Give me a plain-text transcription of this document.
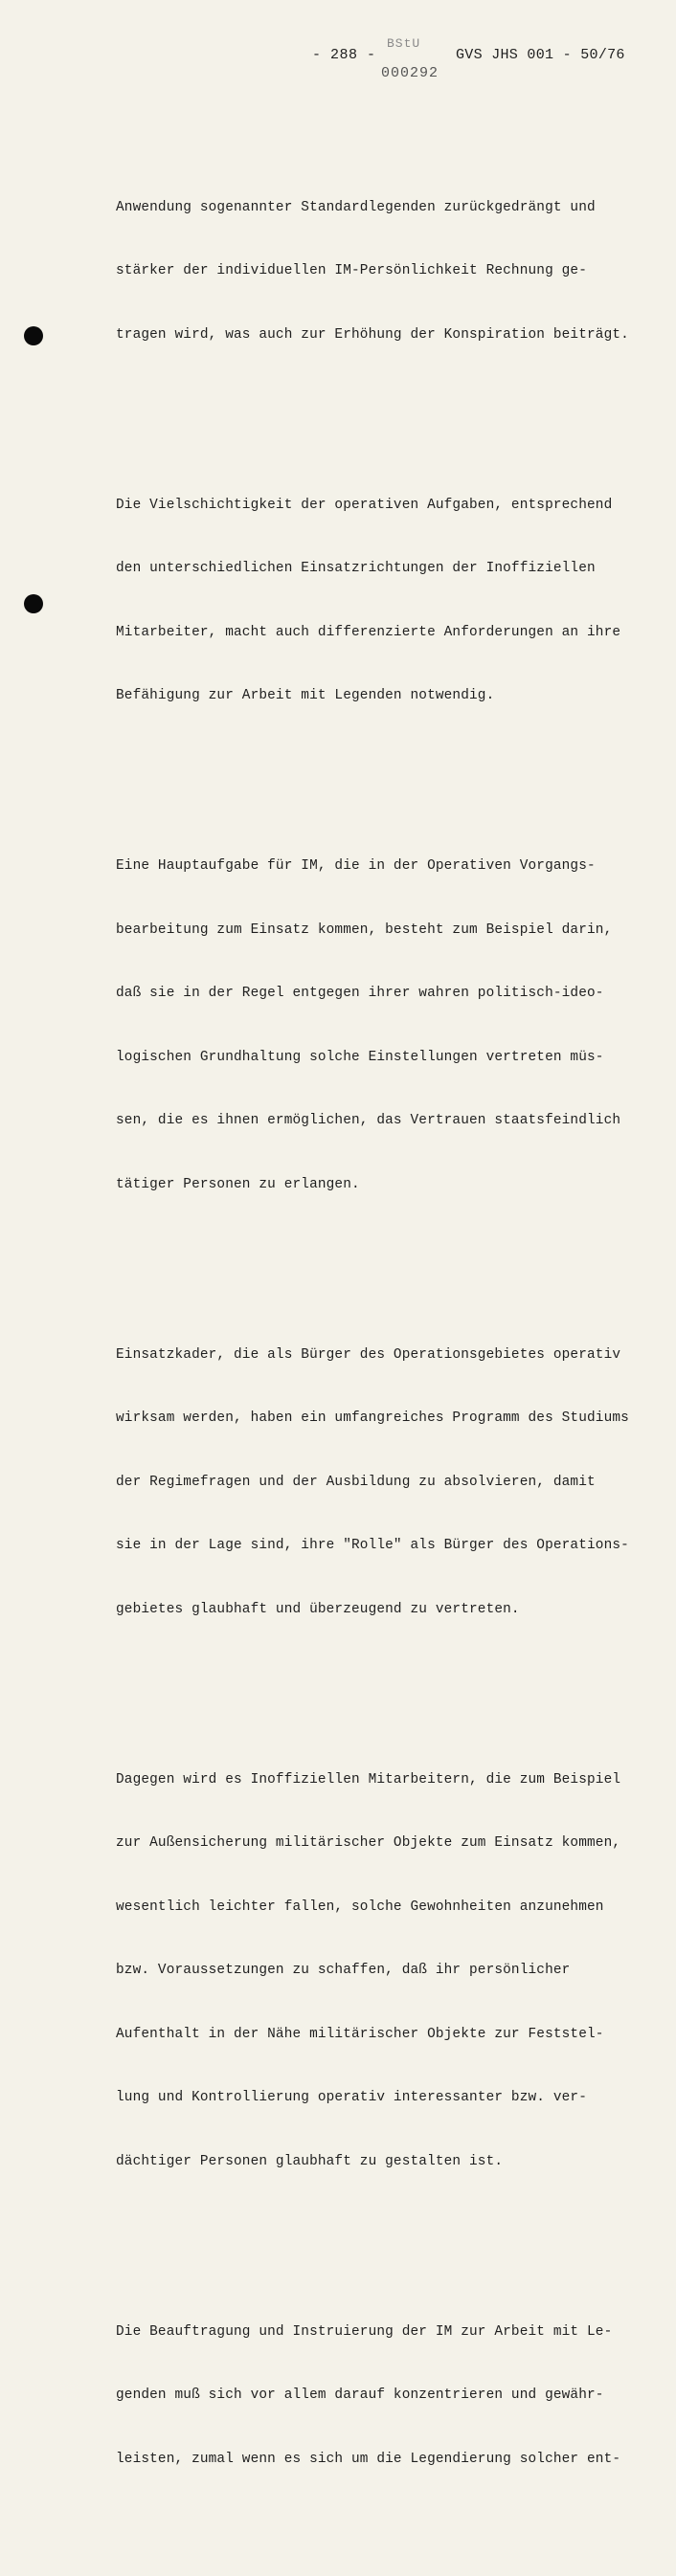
- 288 -
BStU
000292
GVS JHS 001 - 50/76

Anwendung sogenannter Standardlegenden zurückgedrängt und

stärker der individuellen IM-Persönlichkeit Rechnung ge-

tragen wird, was auch zur Erhöhung der Konspiration beiträgt.

Die Vielschichtigkeit der operativen Aufgaben, entsprechend

den unterschiedlichen Einsatzrichtungen der Inoffiziellen

Mitarbeiter, macht auch differenzierte Anforderungen an ihre

Befähigung zur Arbeit mit Legenden notwendig.

Eine Hauptaufgabe für IM, die in der Operativen Vorgangs-

bearbeitung zum Einsatz kommen, besteht zum Beispiel darin,

daß sie in der Regel entgegen ihrer wahren politisch-ideo-

logischen Grundhaltung solche Einstellungen vertreten müs-

sen, die es ihnen ermöglichen, das Vertrauen staatsfeindlich

tätiger Personen zu erlangen.

Einsatzkader, die als Bürger des Operationsgebietes operativ

wirksam werden, haben ein umfangreiches Programm des Studiums

der Regimefragen und der Ausbildung zu absolvieren, damit

sie in der Lage sind, ihre "Rolle" als Bürger des Operations-

gebietes glaubhaft und überzeugend zu vertreten.

Dagegen wird es Inoffiziellen Mitarbeitern, die zum Beispiel

zur Außensicherung militärischer Objekte zum Einsatz kommen,

wesentlich leichter fallen, solche Gewohnheiten anzunehmen

bzw. Voraussetzungen zu schaffen, daß ihr persönlicher

Aufenthalt in der Nähe militärischer Objekte zur Feststel-

lung und Kontrollierung operativ interessanter bzw. ver-

dächtiger Personen glaubhaft zu gestalten ist.

Die Beauftragung und Instruierung der IM zur Arbeit mit Le-

genden muß sich vor allem darauf konzentrieren und gewähr-

leisten, zumal wenn es sich um die Legendierung solcher ent-
